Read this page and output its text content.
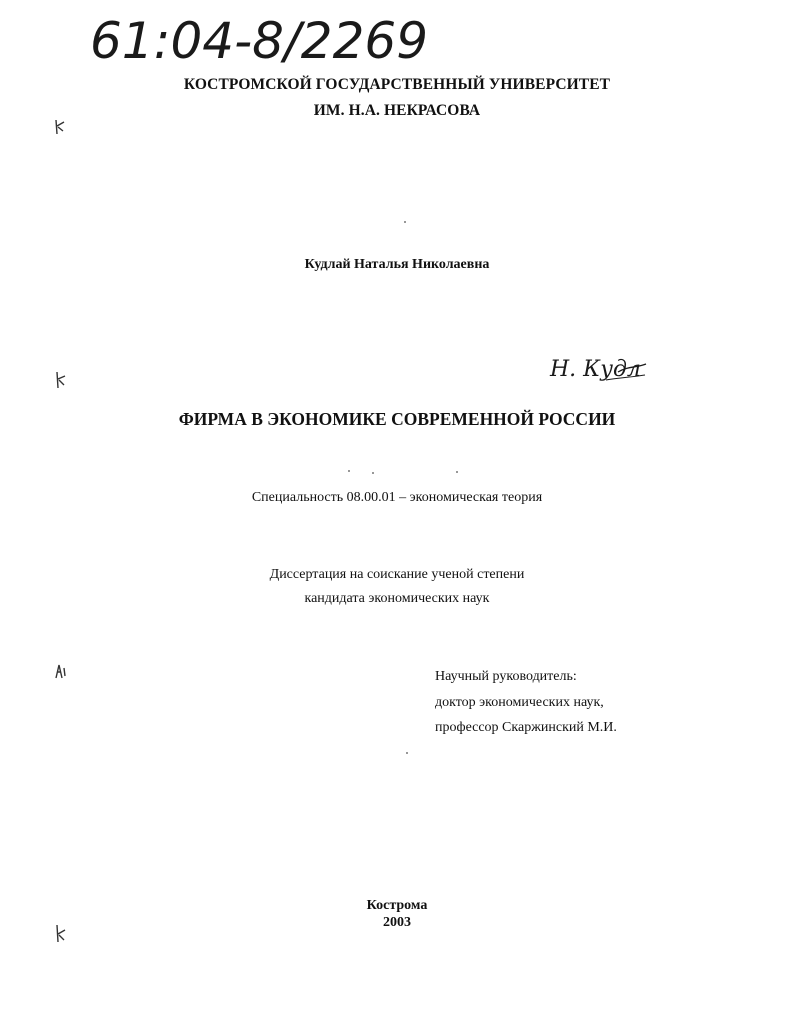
61:04-8/2269
КОСТРОМСКОЙ ГОСУДАРСТВЕННЫЙ УНИВЕРСИТЕТ
ИМ. Н.А. НЕКРАСОВА
Кудлай Наталья Николаевна
Н. Кудл
ФИРМА В ЭКОНОМИКЕ СОВРЕМЕННОЙ РОССИИ
Специальность 08.00.01 – экономическая теория
Диссертация на соискание ученой степени
кандидата экономических наук
Научный руководитель:
доктор экономических наук,
профессор Скаржинский М.И.
Кострома
2003
